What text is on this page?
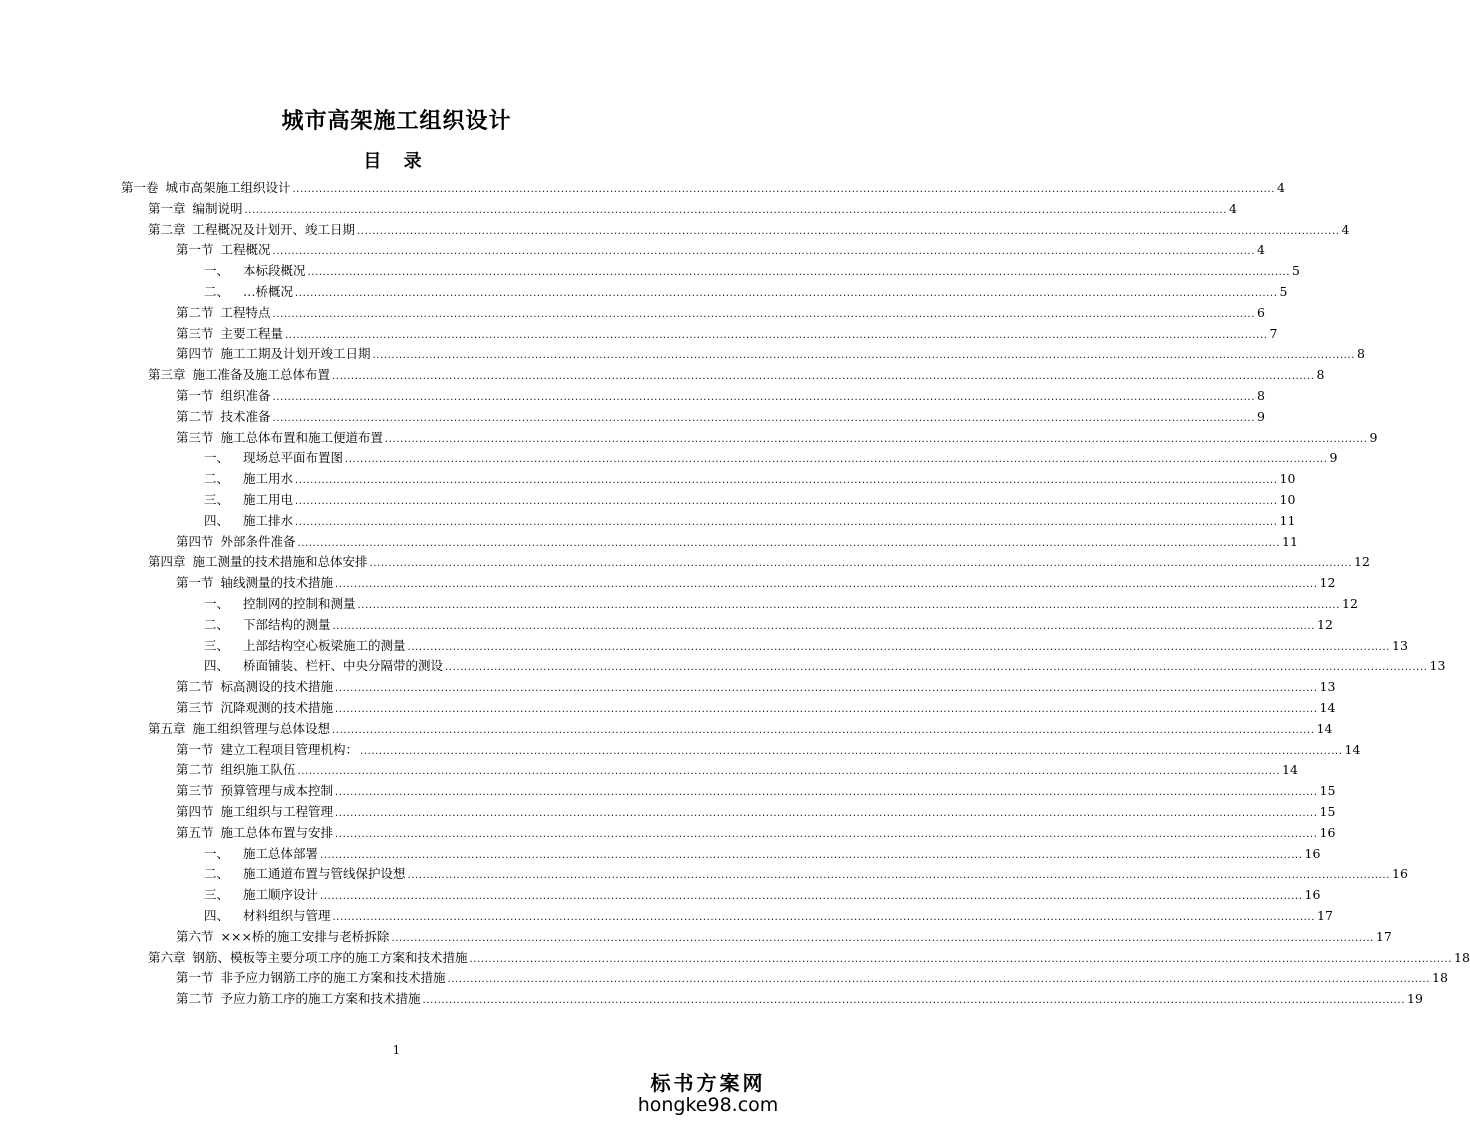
城市高架施工组织设计
目 录
第一卷 城市高架施工组织设计 .................................................................................................................................................................................................................................................................... 4
第一章 编制说明 .................................................................................................................................................................................................................................................................... 4
第二章 工程概况及计划开、竣工日期 .................................................................................................................................................................................................................................................................... 4
第一节 工程概况 .................................................................................................................................................................................................................................................................... 4
一、 本标段概况 .................................................................................................................................................................................................................................................................... 5
二、 …桥概况 .................................................................................................................................................................................................................................................................... 5
第二节 工程特点 .................................................................................................................................................................................................................................................................... 6
第三节 主要工程量 .................................................................................................................................................................................................................................................................... 7
第四节 施工工期及计划开竣工日期 .................................................................................................................................................................................................................................................................... 8
第三章 施工准备及施工总体布置 .................................................................................................................................................................................................................................................................... 8
第一节 组织准备 .................................................................................................................................................................................................................................................................... 8
第二节 技术准备 .................................................................................................................................................................................................................................................................... 9
第三节 施工总体布置和施工便道布置 .................................................................................................................................................................................................................................................................... 9
一、 现场总平面布置图 .................................................................................................................................................................................................................................................................... 9
二、 施工用水 .................................................................................................................................................................................................................................................................... 10
三、 施工用电 .................................................................................................................................................................................................................................................................... 10
四、 施工排水 .................................................................................................................................................................................................................................................................... 11
第四节 外部条件准备 .................................................................................................................................................................................................................................................................... 11
第四章 施工测量的技术措施和总体安排 .................................................................................................................................................................................................................................................................... 12
第一节 轴线测量的技术措施 .................................................................................................................................................................................................................................................................... 12
一、 控制网的控制和测量 .................................................................................................................................................................................................................................................................... 12
二、 下部结构的测量 .................................................................................................................................................................................................................................................................... 12
三、 上部结构空心板梁施工的测量 .................................................................................................................................................................................................................................................................... 13
四、 桥面铺装、栏杆、中央分隔带的测设 .................................................................................................................................................................................................................................................................... 13
第二节 标高测设的技术措施 .................................................................................................................................................................................................................................................................... 13
第三节 沉降观测的技术措施 .................................................................................................................................................................................................................................................................... 14
第五章 施工组织管理与总体设想 .................................................................................................................................................................................................................................................................... 14
第一节 建立工程项目管理机构： .................................................................................................................................................................................................................................................................... 14
第二节 组织施工队伍 .................................................................................................................................................................................................................................................................... 14
第三节 预算管理与成本控制 .................................................................................................................................................................................................................................................................... 15
第四节 施工组织与工程管理 .................................................................................................................................................................................................................................................................... 15
第五节 施工总体布置与安排 .................................................................................................................................................................................................................................................................... 16
一、 施工总体部署 .................................................................................................................................................................................................................................................................... 16
二、 施工通道布置与管线保护设想 .................................................................................................................................................................................................................................................................... 16
三、 施工顺序设计 .................................................................................................................................................................................................................................................................... 16
四、 材料组织与管理 .................................................................................................................................................................................................................................................................... 17
第六节 ×××桥的施工安排与老桥拆除 .................................................................................................................................................................................................................................................................... 17
第六章 钢筋、模板等主要分项工序的施工方案和技术措施 .................................................................................................................................................................................................................................................................... 18
第一节 非予应力钢筋工序的施工方案和技术措施 .................................................................................................................................................................................................................................................................... 18
第二节 予应力筋工序的施工方案和技术措施 .................................................................................................................................................................................................................................................................... 19
1
标书方案网
hongke98.com
